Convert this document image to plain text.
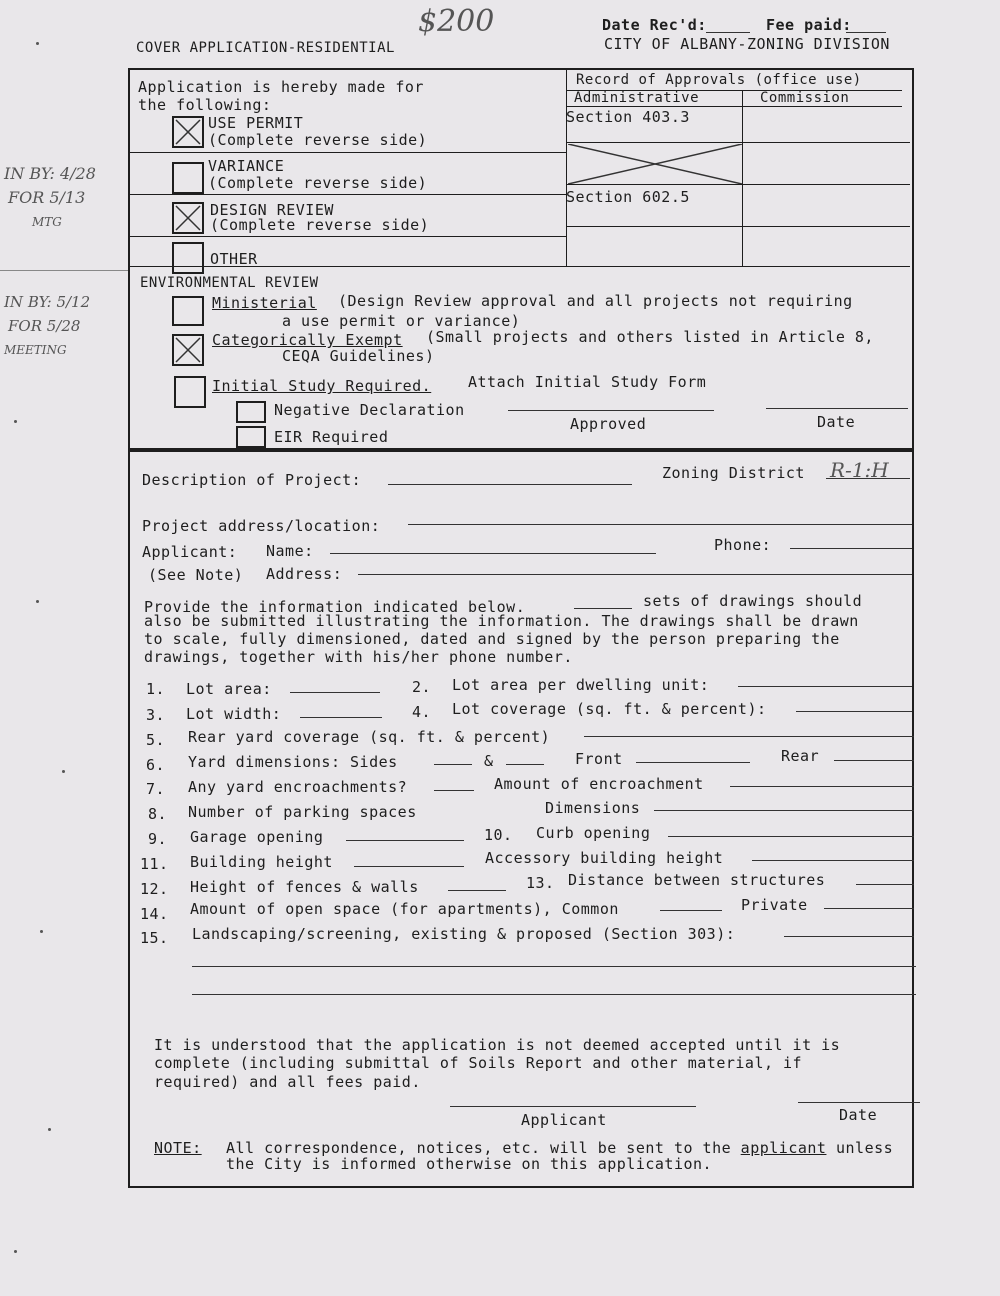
$200	Date Rec'd:	Fee paid:
CITY OF ALBANY-ZONING DIVISION
COVER APPLICATION-RESIDENTIAL
IN BY: 4/28
FOR 5/13
MTG
IN BY: 5/12
FOR 5/28
MEETING
Application is hereby made for
the following:
USE PERMIT
(Complete reverse side)
VARIANCE
(Complete reverse side)
DESIGN REVIEW
(Complete reverse side)
OTHER
Record of Approvals (office use)
Administrative	Commission
Section 403.3
Section 602.5
ENVIRONMENTAL REVIEW
Ministerial (Design Review approval and all projects not requiring
a use permit or variance)
Categorically Exempt (Small projects and others listed in Article 8,
CEQA Guidelines)
Initial Study Required. Attach Initial Study Form
Negative Declaration
EIR Required
Approved	Date
Description of Project:	Zoning District R-1:H
Project address/location:
Applicant: Name:	Phone:
(See Note) Address:
Provide the information indicated below.	sets of drawings should
also be submitted illustrating the information. The drawings shall be drawn
to scale, fully dimensioned, dated and signed by the person preparing the
drawings, together with his/her phone number.
1. Lot area:	2. Lot area per dwelling unit:
3. Lot width:	4. Lot coverage (sq. ft. & percent):
5. Rear yard coverage (sq. ft. & percent)
6. Yard dimensions: Sides	&	Front	Rear
7. Any yard encroachments?	Amount of encroachment
8. Number of parking spaces	Dimensions
9. Garage opening	10. Curb opening
11. Building height	Accessory building height
12. Height of fences & walls	13. Distance between structures
14. Amount of open space (for apartments), Common	Private
15. Landscaping/screening, existing & proposed (Section 303):
It is understood that the application is not deemed accepted until it is
complete (including submittal of Soils Report and other material, if
required) and all fees paid.
Applicant	Date
NOTE: All correspondence, notices, etc. will be sent to the applicant unless
the City is informed otherwise on this application.
